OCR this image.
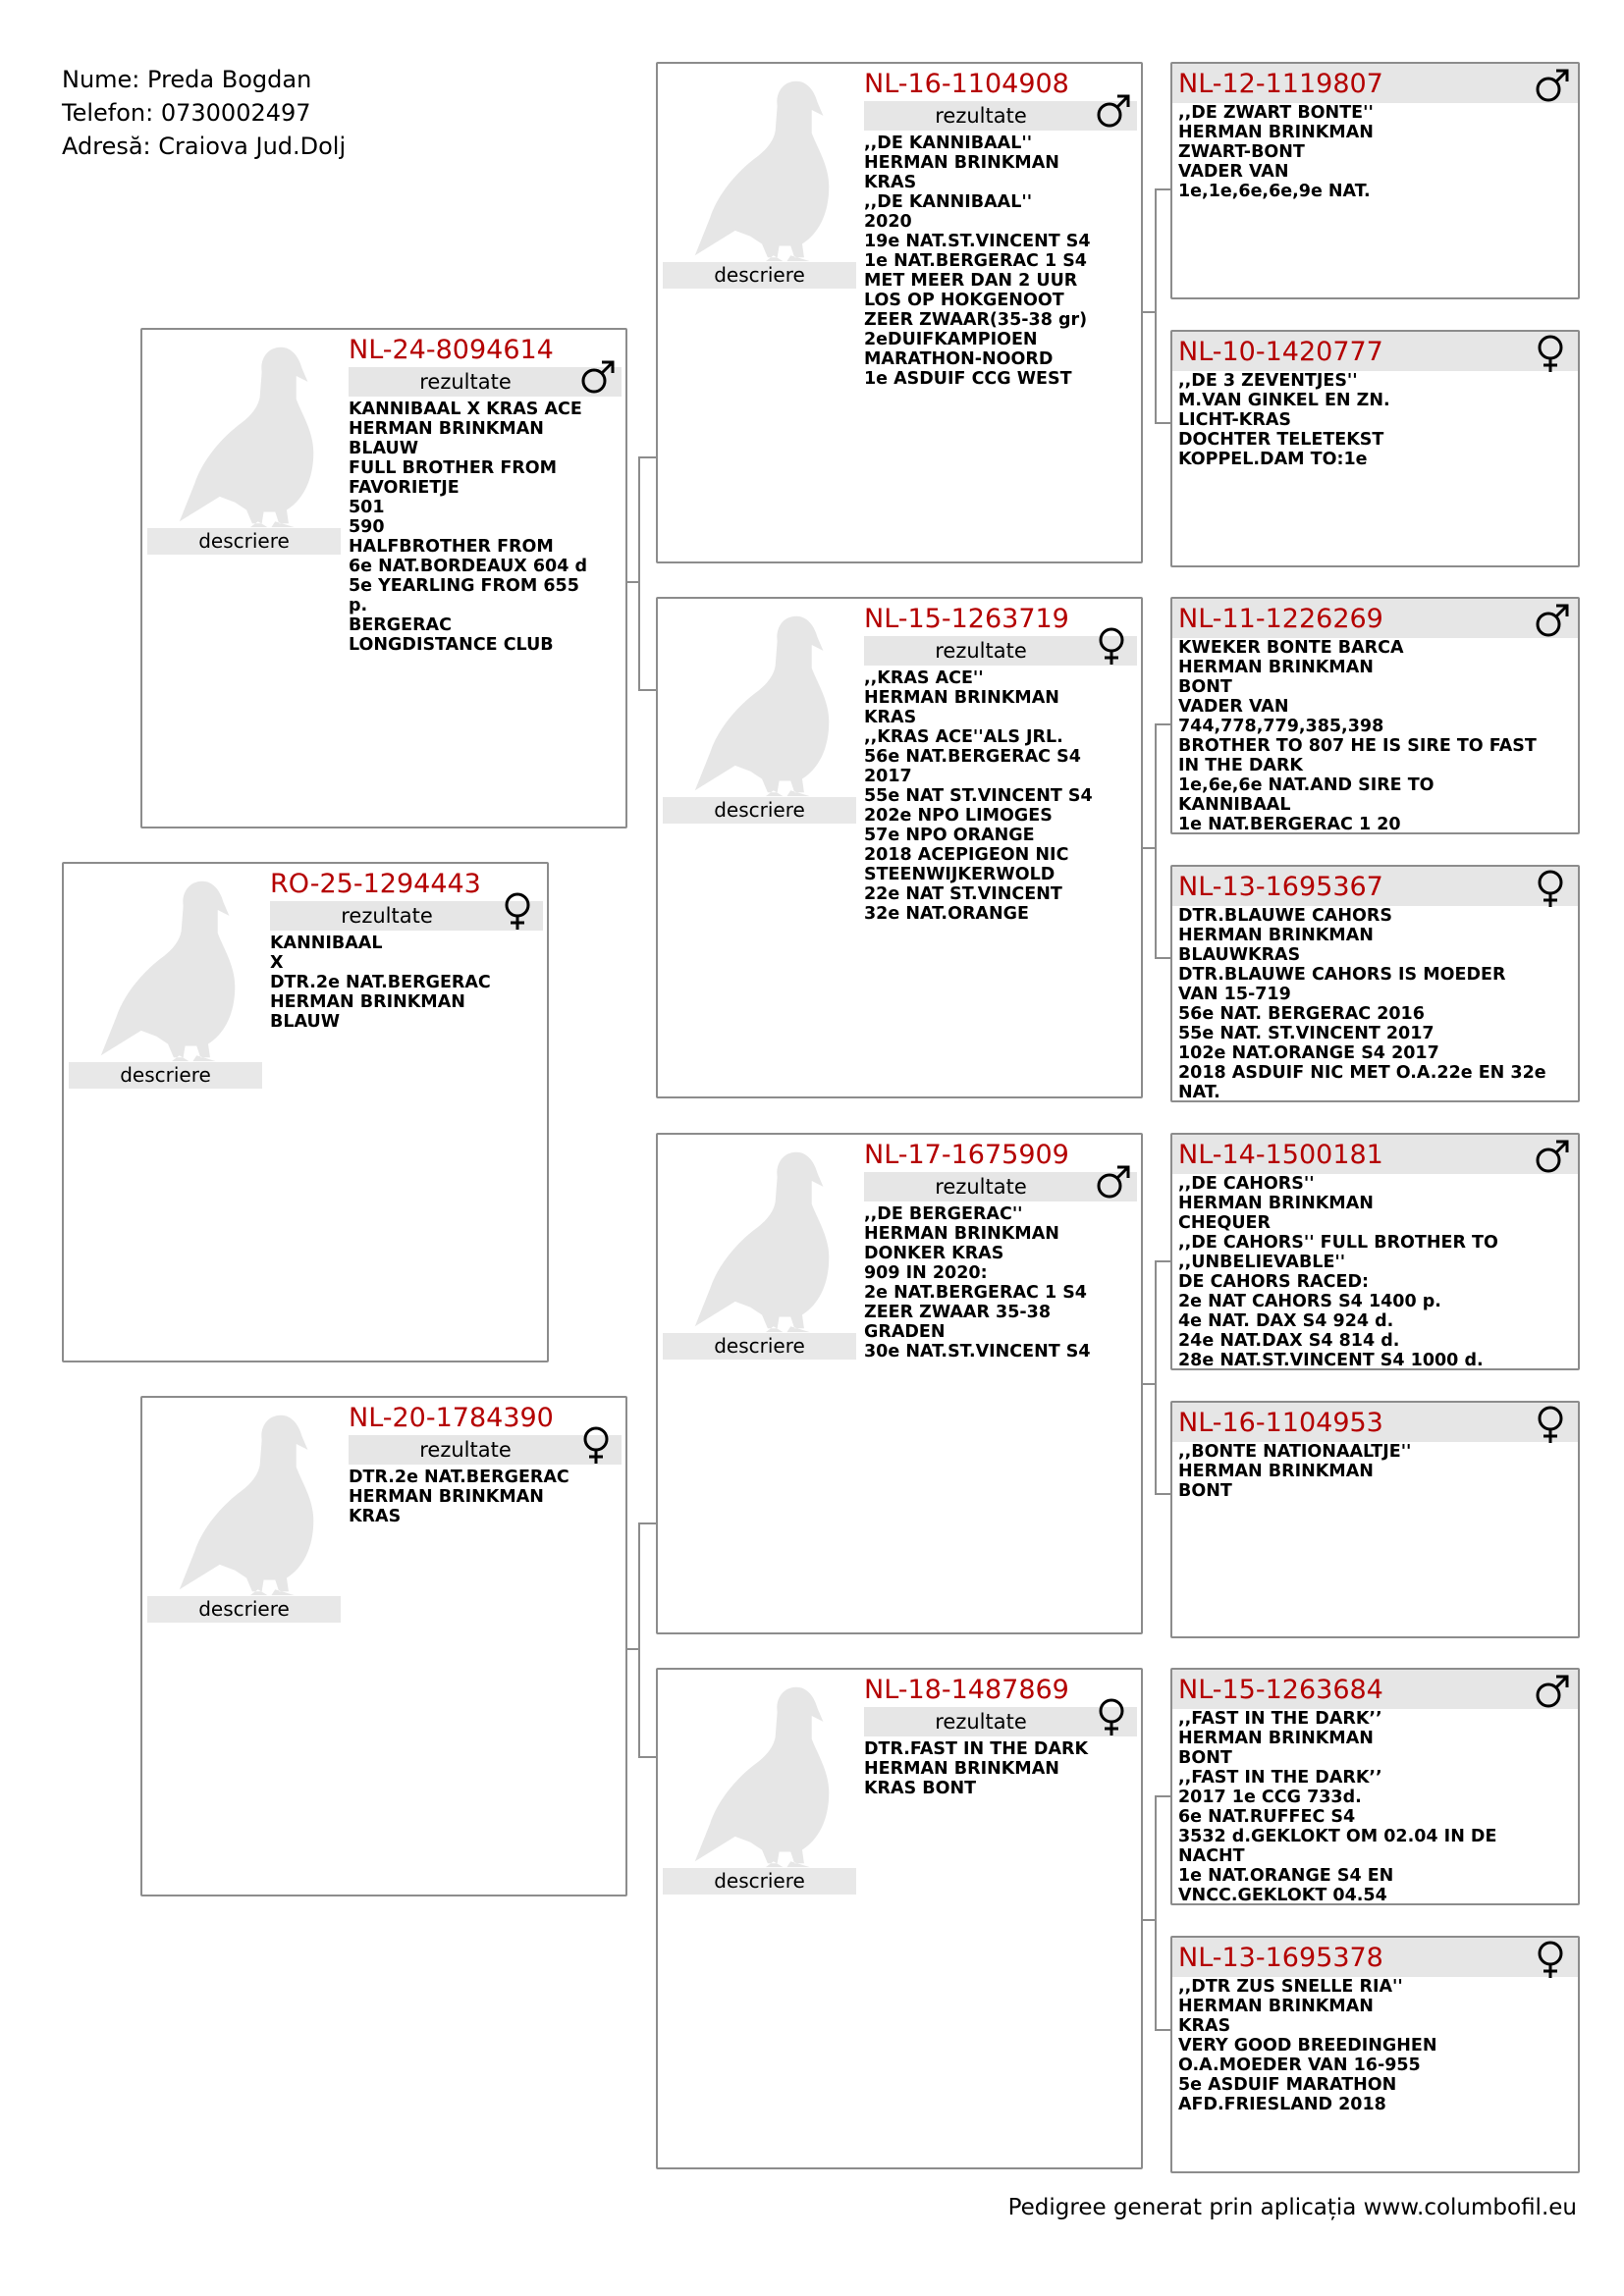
Nume: Preda Bogdan
Telefon: 0730002497
Adresă: Craiova Jud.Dolj
descriere
RO-25-1294443
rezultate
KANNIBAAL
X
DTR.2e NAT.BERGERAC
HERMAN BRINKMAN
BLAUW
descriere
NL-24-8094614
rezultate
KANNIBAAL X KRAS ACE
HERMAN BRINKMAN
BLAUW
FULL BROTHER FROM
FAVORIETJE
501
590
HALFBROTHER FROM
6e NAT.BORDEAUX 604 d
5e YEARLING FROM 655
p.
BERGERAC
LONGDISTANCE CLUB
descriere
NL-20-1784390
rezultate
DTR.2e NAT.BERGERAC
HERMAN BRINKMAN
KRAS
descriere
NL-16-1104908
rezultate
,,DE KANNIBAAL''
HERMAN BRINKMAN
KRAS
,,DE KANNIBAAL''
2020
19e NAT.ST.VINCENT S4
1e NAT.BERGERAC 1 S4
MET MEER DAN 2 UUR
LOS OP HOKGENOOT
ZEER ZWAAR(35-38 gr)
2eDUIFKAMPIOEN
MARATHON-NOORD
1e ASDUIF CCG WEST
descriere
NL-15-1263719
rezultate
,,KRAS ACE''
HERMAN BRINKMAN
KRAS
,,KRAS ACE''ALS JRL.
56e NAT.BERGERAC S4
2017
55e NAT ST.VINCENT S4
202e NPO LIMOGES
57e NPO ORANGE
2018 ACEPIGEON NIC
STEENWIJKERWOLD
22e NAT ST.VINCENT
32e NAT.ORANGE
descriere
NL-17-1675909
rezultate
,,DE BERGERAC''
HERMAN BRINKMAN
DONKER KRAS
909 IN 2020:
2e NAT.BERGERAC 1 S4
ZEER ZWAAR 35-38
GRADEN
30e NAT.ST.VINCENT S4
descriere
NL-18-1487869
rezultate
DTR.FAST IN THE DARK
HERMAN BRINKMAN
KRAS BONT
NL-12-1119807
,,DE ZWART BONTE''
HERMAN BRINKMAN
ZWART-BONT
VADER VAN
1e,1e,6e,6e,9e NAT.
NL-10-1420777
,,DE 3 ZEVENTJES''
M.VAN GINKEL EN ZN.
LICHT-KRAS
DOCHTER TELETEKST
KOPPEL.DAM TO:1e
NL-11-1226269
KWEKER BONTE BARCA
HERMAN BRINKMAN
BONT
VADER VAN
744,778,779,385,398
BROTHER TO 807 HE IS SIRE TO FAST
IN THE DARK
1e,6e,6e NAT.AND SIRE TO
KANNIBAAL
1e NAT.BERGERAC 1 20
NL-13-1695367
DTR.BLAUWE CAHORS
HERMAN BRINKMAN
BLAUWKRAS
DTR.BLAUWE CAHORS IS MOEDER
VAN 15-719
56e NAT. BERGERAC 2016
55e NAT. ST.VINCENT 2017
102e NAT.ORANGE S4 2017
2018 ASDUIF NIC MET O.A.22e EN 32e
NAT.
NL-14-1500181
,,DE CAHORS''
HERMAN BRINKMAN
CHEQUER
,,DE CAHORS'' FULL BROTHER TO
,,UNBELIEVABLE''
DE CAHORS RACED:
2e NAT CAHORS S4 1400 p.
4e NAT. DAX S4 924 d.
24e NAT.DAX S4 814 d.
28e NAT.ST.VINCENT S4 1000 d.
NL-16-1104953
,,BONTE NATIONAALTJE''
HERMAN BRINKMAN
BONT
NL-15-1263684
,,FAST IN THE DARK’’
HERMAN BRINKMAN
BONT
,,FAST IN THE DARK’’
2017 1e CCG 733d.
6e NAT.RUFFEC S4
3532 d.GEKLOKT OM 02.04 IN DE
NACHT
1e NAT.ORANGE S4 EN
VNCC.GEKLOKT 04.54
NL-13-1695378
,,DTR ZUS SNELLE RIA''
HERMAN BRINKMAN
KRAS
VERY GOOD BREEDINGHEN
O.A.MOEDER VAN 16-955
5e ASDUIF MARATHON
AFD.FRIESLAND 2018
Pedigree generat prin aplicația www.columbofil.eu
